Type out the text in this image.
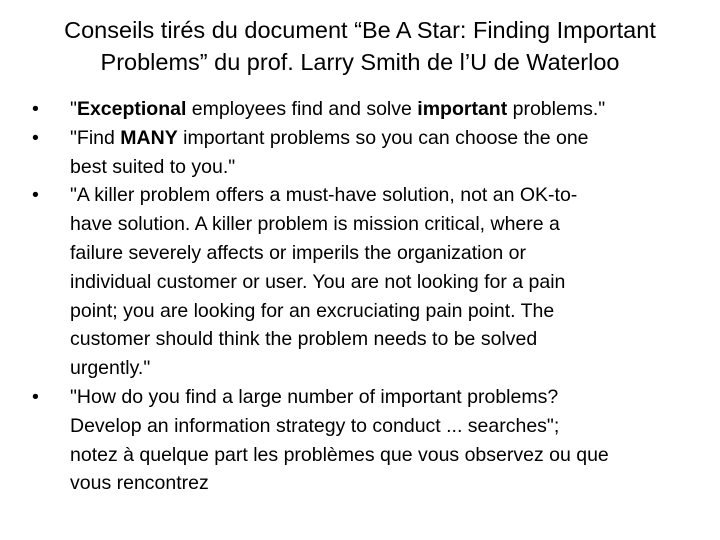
Conseils tirés du document “Be A Star: Finding Important
Problems” du prof. Larry Smith de l’U de Waterloo
•	"Exceptional employees find and solve important problems."
•	"Find MANY important problems so you can choose the one
best suited to you."
•	"A killer problem offers a must-have solution, not an OK-to-
have solution. A killer problem is mission critical, where a
failure severely affects or imperils the organization or
individual customer or user. You are not looking for a pain
point; you are looking for an excruciating pain point. The
customer should think the problem needs to be solved
urgently."
•	"How do you find a large number of important problems?
Develop an information strategy to conduct ... searches";
notez à quelque part les problèmes que vous observez ou que
vous rencontrez
